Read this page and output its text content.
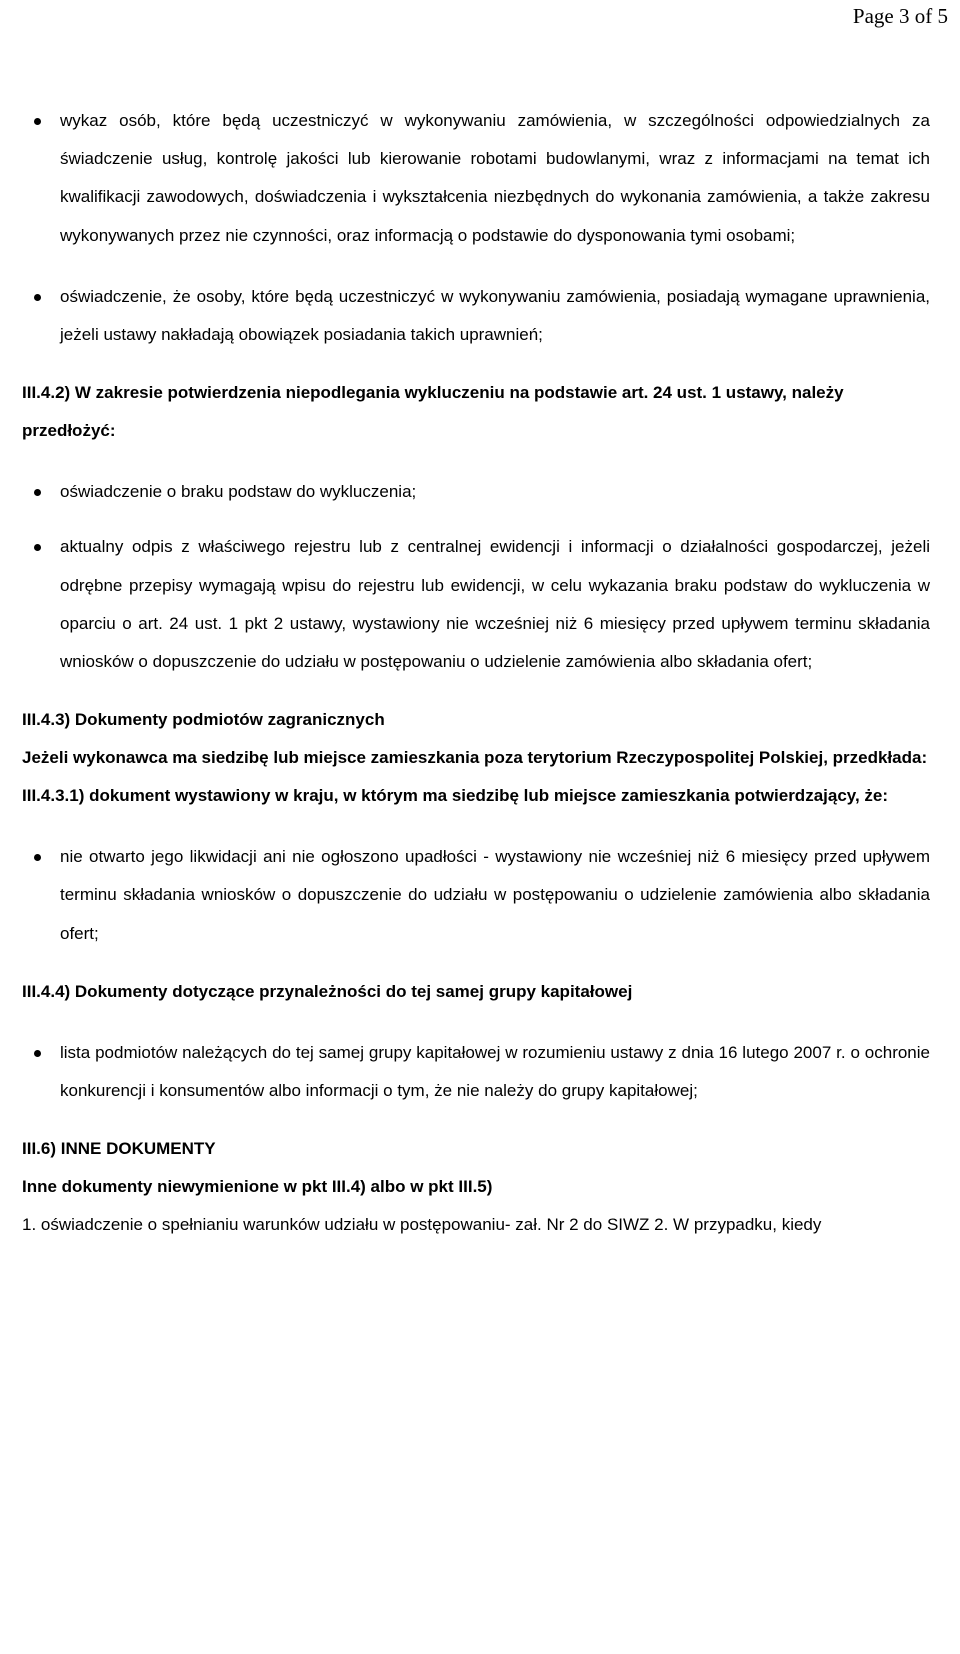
Page 3 of 5
wykaz osób, które będą uczestniczyć w wykonywaniu zamówienia, w szczególności odpowiedzialnych za świadczenie usług, kontrolę jakości lub kierowanie robotami budowlanymi, wraz z informacjami na temat ich kwalifikacji zawodowych, doświadczenia i wykształcenia niezbędnych do wykonania zamówienia, a także zakresu wykonywanych przez nie czynności, oraz informacją o podstawie do dysponowania tymi osobami;
oświadczenie, że osoby, które będą uczestniczyć w wykonywaniu zamówienia, posiadają wymagane uprawnienia, jeżeli ustawy nakładają obowiązek posiadania takich uprawnień;
III.4.2) W zakresie potwierdzenia niepodlegania wykluczeniu na podstawie art. 24 ust. 1 ustawy, należy przedłożyć:
oświadczenie o braku podstaw do wykluczenia;
aktualny odpis z właściwego rejestru lub z centralnej ewidencji i informacji o działalności gospodarczej, jeżeli odrębne przepisy wymagają wpisu do rejestru lub ewidencji, w celu wykazania braku podstaw do wykluczenia w oparciu o art. 24 ust. 1 pkt 2 ustawy, wystawiony nie wcześniej niż 6 miesięcy przed upływem terminu składania wniosków o dopuszczenie do udziału w postępowaniu o udzielenie zamówienia albo składania ofert;
III.4.3) Dokumenty podmiotów zagranicznych
Jeżeli wykonawca ma siedzibę lub miejsce zamieszkania poza terytorium Rzeczypospolitej Polskiej, przedkłada:
III.4.3.1) dokument wystawiony w kraju, w którym ma siedzibę lub miejsce zamieszkania potwierdzający, że:
nie otwarto jego likwidacji ani nie ogłoszono upadłości - wystawiony nie wcześniej niż 6 miesięcy przed upływem terminu składania wniosków o dopuszczenie do udziału w postępowaniu o udzielenie zamówienia albo składania ofert;
III.4.4) Dokumenty dotyczące przynależności do tej samej grupy kapitałowej
lista podmiotów należących do tej samej grupy kapitałowej w rozumieniu ustawy z dnia 16 lutego 2007 r. o ochronie konkurencji i konsumentów albo informacji o tym, że nie należy do grupy kapitałowej;
III.6) INNE DOKUMENTY
Inne dokumenty niewymienione w pkt III.4) albo w pkt III.5)
1. oświadczenie o spełnianiu warunków udziału w postępowaniu- zał. Nr 2 do SIWZ 2. W przypadku, kiedy
